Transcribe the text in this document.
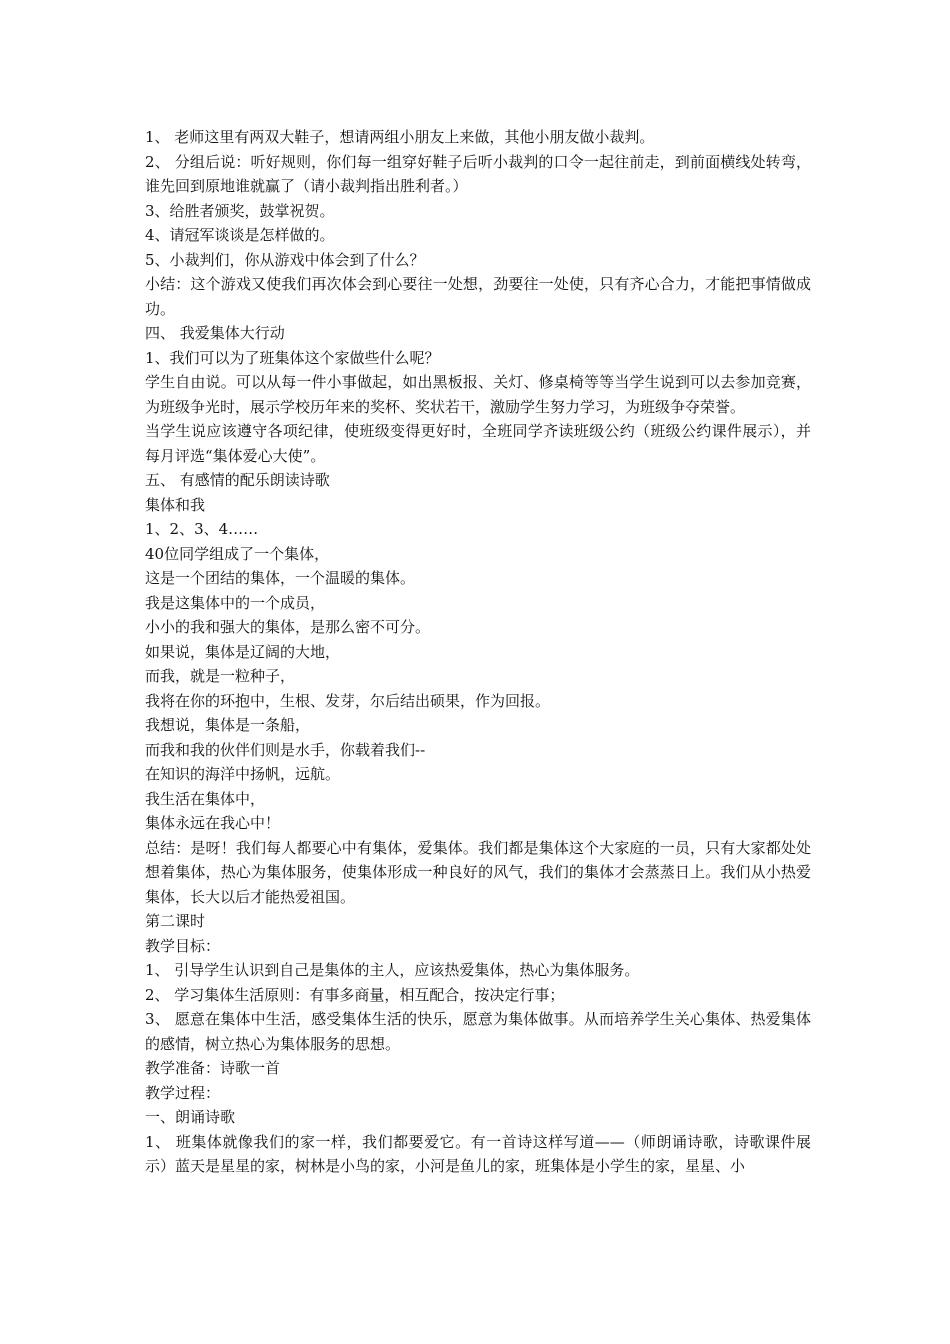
1、 老师这里有两双大鞋子，想请两组小朋友上来做，其他小朋友做小裁判。

2、 分组后说：听好规则，你们每一组穿好鞋子后听小裁判的口令一起往前走，到前面横线处转弯，谁先回到原地谁就赢了（请小裁判指出胜利者。）

3、给胜者颁奖，鼓掌祝贺。

4、请冠军谈谈是怎样做的。

5、小裁判们，你从游戏中体会到了什么？

小结：这个游戏又使我们再次体会到心要往一处想，劲要往一处使，只有齐心合力，才能把事情做成功。

四、 我爱集体大行动

1、我们可以为了班集体这个家做些什么呢？

学生自由说。可以从每一件小事做起，如出黑板报、关灯、修桌椅等等当学生说到可以去参加竞赛，为班级争光时，展示学校历年来的奖杯、奖状若干，激励学生努力学习，为班级争夺荣誉。

当学生说应该遵守各项纪律，使班级变得更好时，全班同学齐读班级公约（班级公约课件展示），并每月评选“集体爱心大使”。

五、 有感情的配乐朗读诗歌

集体和我

1、2、3、4……

40位同学组成了一个集体，

这是一个团结的集体，一个温暖的集体。

我是这集体中的一个成员，

小小的我和强大的集体，是那么密不可分。

如果说，集体是辽阔的大地，

而我，就是一粒种子，

我将在你的环抱中，生根、发芽，尔后结出硕果，作为回报。

我想说，集体是一条船，

而我和我的伙伴们则是水手，你载着我们--

在知识的海洋中扬帆，远航。

我生活在集体中，

集体永远在我心中！

总结：是呀！我们每人都要心中有集体，爱集体。我们都是集体这个大家庭的一员，只有大家都处处想着集体，热心为集体服务，使集体形成一种良好的风气，我们的集体才会蒸蒸日上。我们从小热爱集体，长大以后才能热爱祖国。

第二课时

教学目标：

1、 引导学生认识到自己是集体的主人，应该热爱集体，热心为集体服务。

2、 学习集体生活原则：有事多商量，相互配合，按决定行事；

3、 愿意在集体中生活，感受集体生活的快乐，愿意为集体做事。从而培养学生关心集体、热爱集体的感情，树立热心为集体服务的思想。

教学准备：诗歌一首

教学过程：

一、朗诵诗歌

1、 班集体就像我们的家一样，我们都要爱它。有一首诗这样写道——（师朗诵诗歌，诗歌课件展示）蓝天是星星的家，树林是小鸟的家，小河是鱼儿的家，班集体是小学生的家，星星、小
